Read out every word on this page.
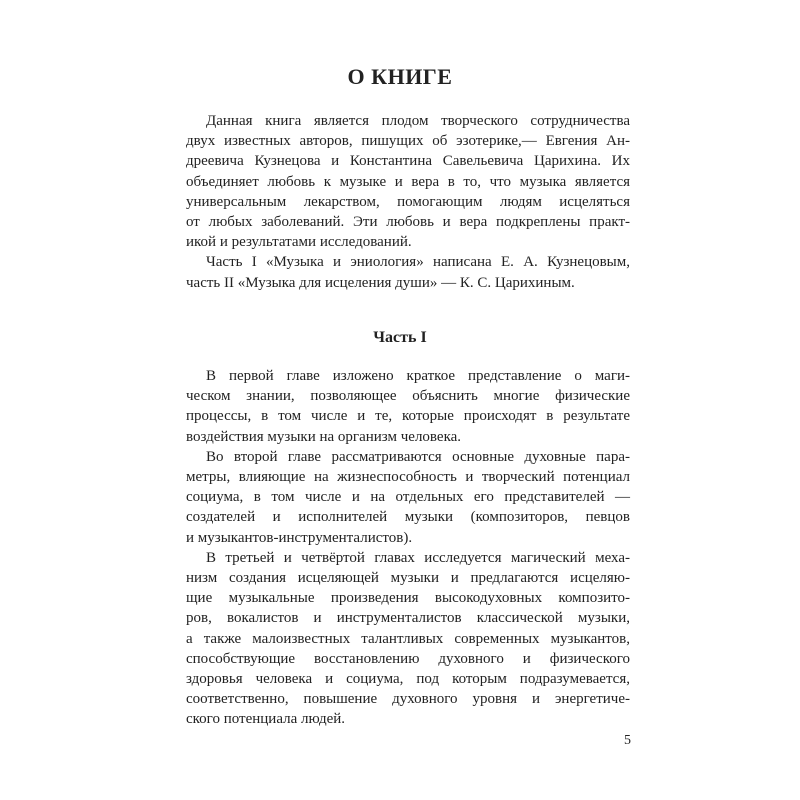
О КНИГЕ
Данная книга является плодом творческого сотрудничества
двух известных авторов, пишущих об эзотерике,— Евгения Ан-
дреевича Кузнецова и Константина Савельевича Царихина. Их
объединяет любовь к музыке и вера в то, что музыка является
универсальным лекарством, помогающим людям исцеляться
от любых заболеваний. Эти любовь и вера подкреплены практ-
икой и результатами исследований.
Часть I «Музыка и эниология» написана Е. А. Кузнецовым,
часть II «Музыка для исцеления души» — К. С. Царихиным.
Часть I
В первой главе изложено краткое представление о маги-
ческом знании, позволяющее объяснить многие физические
процессы, в том числе и те, которые происходят в результате
воздействия музыки на организм человека.
Во второй главе рассматриваются основные духовные пара-
метры, влияющие на жизнеспособность и творческий потенциал
социума, в том числе и на отдельных его представителей —
создателей и исполнителей музыки (композиторов, певцов
и музыкантов-инструменталистов).
В третьей и четвёртой главах исследуется магический меха-
низм создания исцеляющей музыки и предлагаются исцеляю-
щие музыкальные произведения высокодуховных композито-
ров, вокалистов и инструменталистов классической музыки,
а также малоизвестных талантливых современных музыкантов,
способствующие восстановлению духовного и физического
здоровья человека и социума, под которым подразумевается,
соответственно, повышение духовного уровня и энергетиче-
ского потенциала людей.
5
